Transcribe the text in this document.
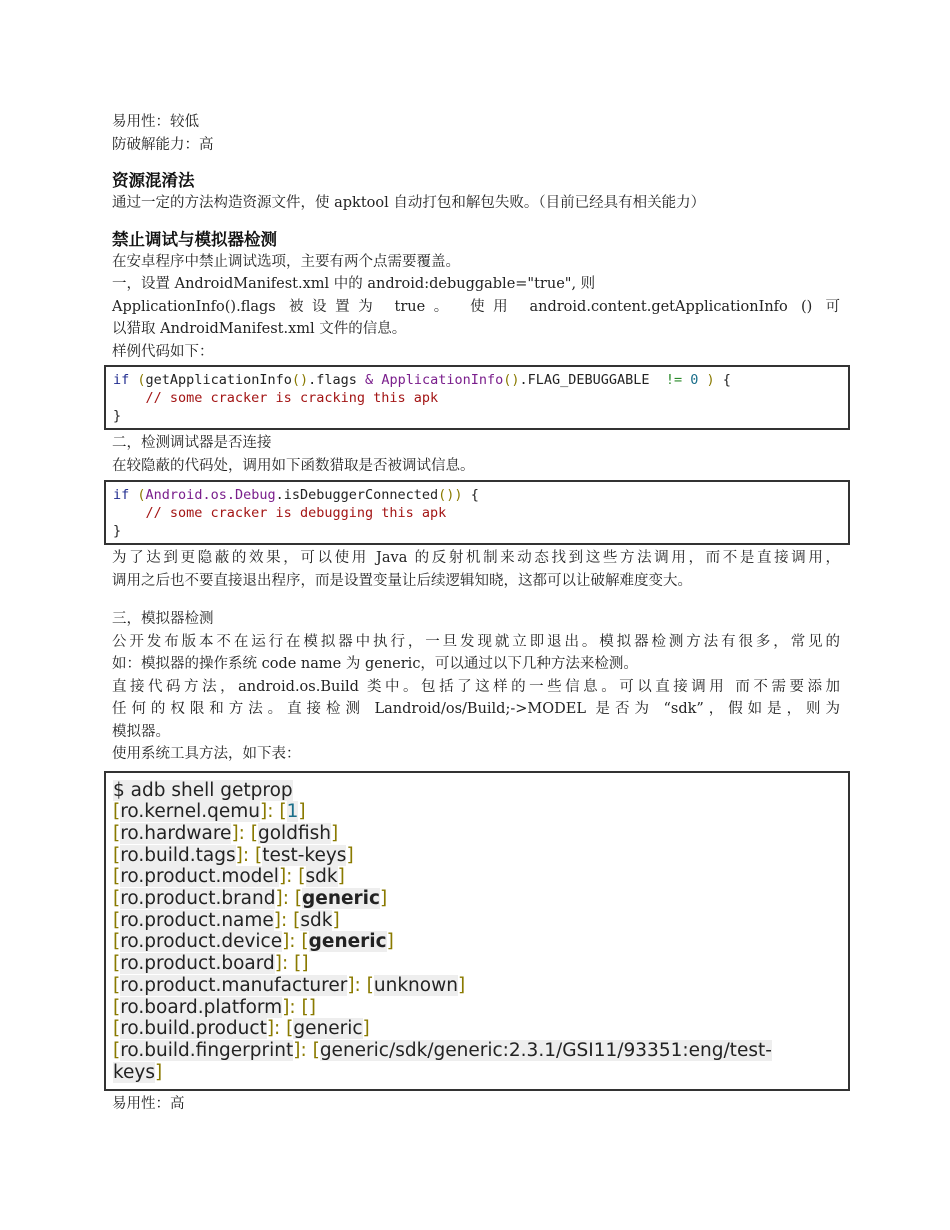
易用性：较低

防破解能力：高

资源混淆法

通过一定的方法构造资源文件，使 apktool 自动打包和解包失败。（目前已经具有相关能力）

禁止调试与模拟器检测

在安卓程序中禁止调试选项，主要有两个点需要覆盖。

一，设置 AndroidManifest.xml 中的 android:debuggable="true", 则

ApplicationInfo().flags 被设置为 true。 使用 android.content.getApplicationInfo () 可

以猎取 AndroidManifest.xml 文件的信息。

样例代码如下：

if (getApplicationInfo().flags & ApplicationInfo().FLAG_DEBUGGABLE != 0 ) {
// some cracker is cracking this apk
}

二，检测调试器是否连接

在较隐蔽的代码处，调用如下函数猎取是否被调试信息。

if (Android.os.Debug.isDebuggerConnected()) {
// some cracker is debugging this apk
}

为了达到更隐蔽的效果，可以使用 Java 的反射机制来动态找到这些方法调用，而不是直接调用，

调用之后也不要直接退出程序，而是设置变量让后续逻辑知晓，这都可以让破解难度变大。

三，模拟器检测

公开发布版本不在运行在模拟器中执行，一旦发现就立即退出。模拟器检测方法有很多，常见的

如：模拟器的操作系统 code name 为 generic，可以通过以下几种方法来检测。

直接代码方法，android.os.Build 类中。包括了这样的一些信息。可以直接调用 而不需要添加

任何的权限和方法。直接检测 Landroid/os/Build;->MODEL 是否为 “sdk”，假如是，则为

模拟器。

使用系统工具方法，如下表：

$ adb shell getprop
[ro.kernel.qemu]: [1]
[ro.hardware]: [goldfish]
[ro.build.tags]: [test-keys]
[ro.product.model]: [sdk]
[ro.product.brand]: [generic]
[ro.product.name]: [sdk]
[ro.product.device]: [generic]
[ro.product.board]: []
[ro.product.manufacturer]: [unknown]
[ro.board.platform]: []
[ro.build.product]: [generic]
[ro.build.fingerprint]: [generic/sdk/generic:2.3.1/GSI11/93351:eng/test-keys]

易用性：高
